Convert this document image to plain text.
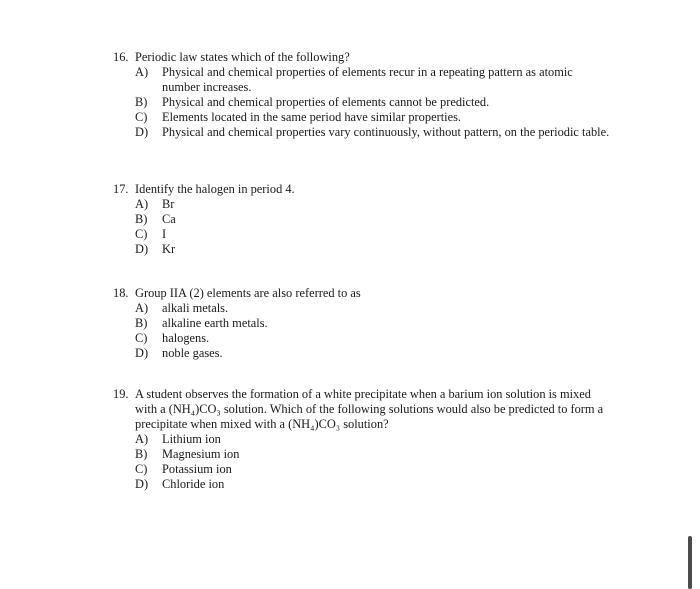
16. Periodic law states which of the following?
A)	Physical and chemical properties of elements recur in a repeating pattern as atomic number increases.
B)	Physical and chemical properties of elements cannot be predicted.
C)	Elements located in the same period have similar properties.
D)	Physical and chemical properties vary continuously, without pattern, on the periodic table.
17. Identify the halogen in period 4.
A)	Br
B)	Ca
C)	I
D)	Kr
18. Group IIA (2) elements are also referred to as
A)	alkali metals.
B)	alkaline earth metals.
C)	halogens.
D)	noble gases.
19. A student observes the formation of a white precipitate when a barium ion solution is mixed with a (NH₄)CO₃ solution. Which of the following solutions would also be predicted to form a precipitate when mixed with a (NH₄)CO₃ solution?
A)	Lithium ion
B)	Magnesium ion
C)	Potassium ion
D)	Chloride ion
